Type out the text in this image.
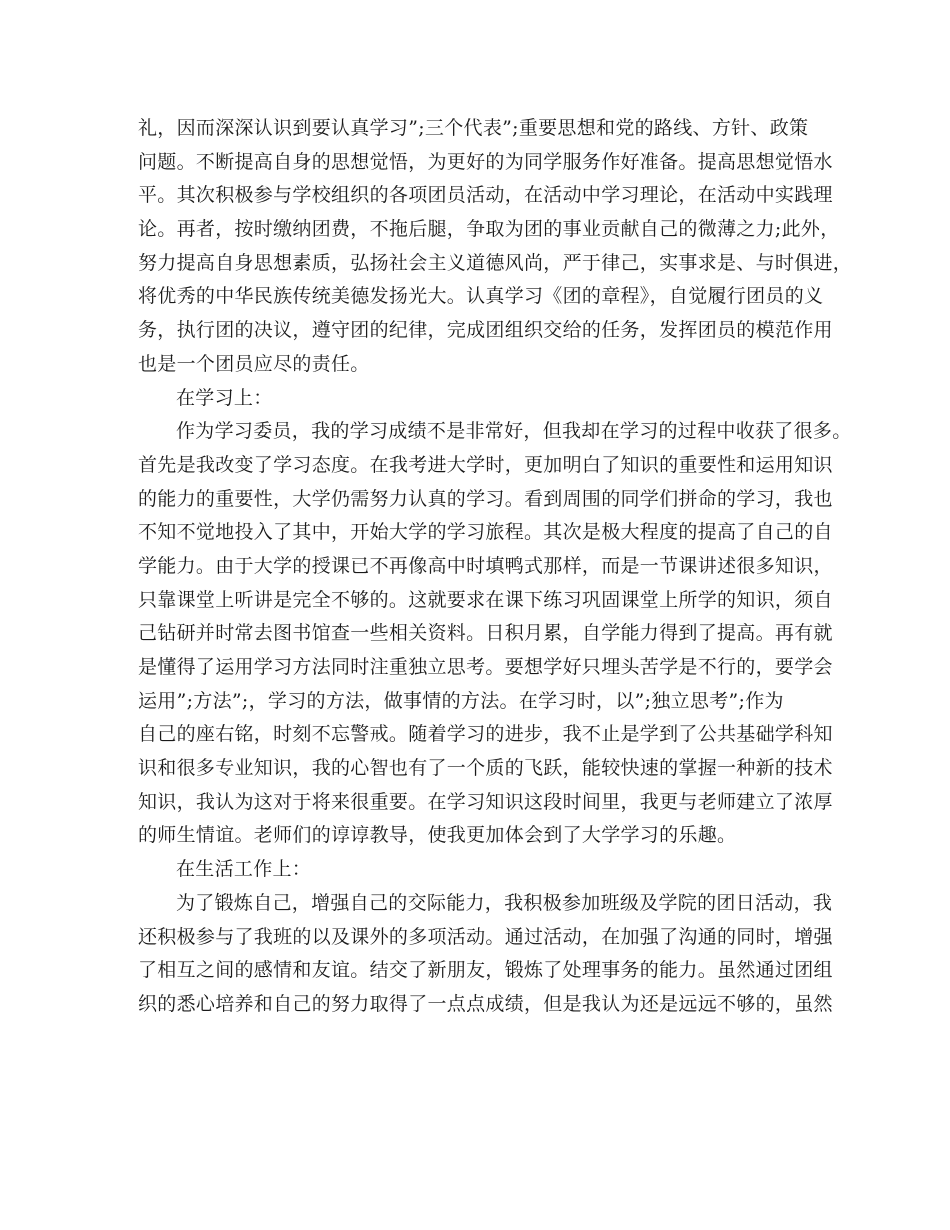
礼，因而深深认识到要认真学习”;三个代表”;重要思想和党的路线、方针、政策
问题。不断提高自身的思想觉悟，为更好的为同学服务作好准备。提高思想觉悟水
平。其次积极参与学校组织的各项团员活动，在活动中学习理论，在活动中实践理
论。再者，按时缴纳团费，不拖后腿，争取为团的事业贡献自己的微薄之力;此外，
努力提高自身思想素质，弘扬社会主义道德风尚，严于律己，实事求是、与时俱进，
将优秀的中华民族传统美德发扬光大。认真学习《团的章程》，自觉履行团员的义
务，执行团的决议，遵守团的纪律，完成团组织交给的任务，发挥团员的模范作用
也是一个团员应尽的责任。
在学习上：
作为学习委员，我的学习成绩不是非常好，但我却在学习的过程中收获了很多。
首先是我改变了学习态度。在我考进大学时，更加明白了知识的重要性和运用知识
的能力的重要性，大学仍需努力认真的学习。看到周围的同学们拼命的学习，我也
不知不觉地投入了其中，开始大学的学习旅程。其次是极大程度的提高了自己的自
学能力。由于大学的授课已不再像高中时填鸭式那样，而是一节课讲述很多知识，
只靠课堂上听讲是完全不够的。这就要求在课下练习巩固课堂上所学的知识，须自
己钻研并时常去图书馆查一些相关资料。日积月累，自学能力得到了提高。再有就
是懂得了运用学习方法同时注重独立思考。要想学好只埋头苦学是不行的，要学会
运用”;方法”;，学习的方法，做事情的方法。在学习时，以”;独立思考”;作为
自己的座右铭，时刻不忘警戒。随着学习的进步，我不止是学到了公共基础学科知
识和很多专业知识，我的心智也有了一个质的飞跃，能较快速的掌握一种新的技术
知识，我认为这对于将来很重要。在学习知识这段时间里，我更与老师建立了浓厚
的师生情谊。老师们的谆谆教导，使我更加体会到了大学学习的乐趣。
在生活工作上：
为了锻炼自己，增强自己的交际能力，我积极参加班级及学院的团日活动，我
还积极参与了我班的以及课外的多项活动。通过活动，在加强了沟通的同时，增强
了相互之间的感情和友谊。结交了新朋友，锻炼了处理事务的能力。虽然通过团组
织的悉心培养和自己的努力取得了一点点成绩，但是我认为还是远远不够的，虽然
